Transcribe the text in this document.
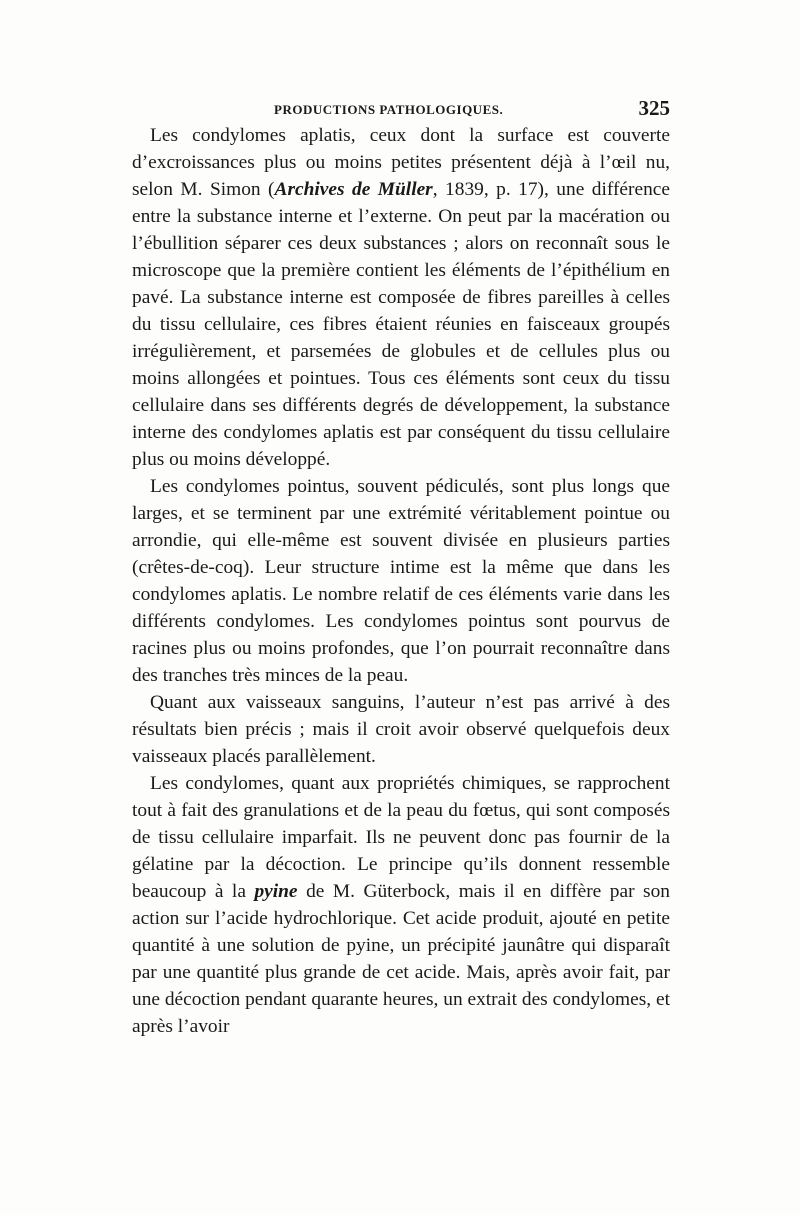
PRODUCTIONS PATHOLOGIQUES.	325

Les condylomes aplatis, ceux dont la surface est couverte d’excroissances plus ou moins petites présentent déjà à l’œil nu, selon M. Simon (Archives de Müller, 1839, p. 17), une différence entre la substance interne et l’externe. On peut par la macération ou l’ébullition séparer ces deux substances ; alors on reconnaît sous le microscope que la première contient les éléments de l’épithélium en pavé. La substance interne est composée de fibres pareilles à celles du tissu cellulaire, ces fibres étaient réunies en faisceaux groupés irrégulièrement, et parsemées de globules et de cellules plus ou moins allongées et pointues. Tous ces éléments sont ceux du tissu cellulaire dans ses différents degrés de développement, la substance interne des condylomes aplatis est par conséquent du tissu cellulaire plus ou moins développé.

Les condylomes pointus, souvent pédiculés, sont plus longs que larges, et se terminent par une extrémité véritablement pointue ou arrondie, qui elle-même est souvent divisée en plusieurs parties (crêtes-de-coq). Leur structure intime est la même que dans les condylomes aplatis. Le nombre relatif de ces éléments varie dans les différents condylomes. Les condylomes pointus sont pourvus de racines plus ou moins profondes, que l’on pourrait reconnaître dans des tranches très minces de la peau.

Quant aux vaisseaux sanguins, l’auteur n’est pas arrivé à des résultats bien précis ; mais il croit avoir observé quelquefois deux vaisseaux placés parallèlement.

Les condylomes, quant aux propriétés chimiques, se rapprochent tout à fait des granulations et de la peau du fœtus, qui sont composés de tissu cellulaire imparfait. Ils ne peuvent donc pas fournir de la gélatine par la décoction. Le principe qu’ils donnent ressemble beaucoup à la pyine de M. Güterbock, mais il en diffère par son action sur l’acide hydrochlorique. Cet acide produit, ajouté en petite quantité à une solution de pyine, un précipité jaunâtre qui disparaît par une quantité plus grande de cet acide. Mais, après avoir fait, par une décoction pendant quarante heures, un extrait des condylomes, et après l’avoir
